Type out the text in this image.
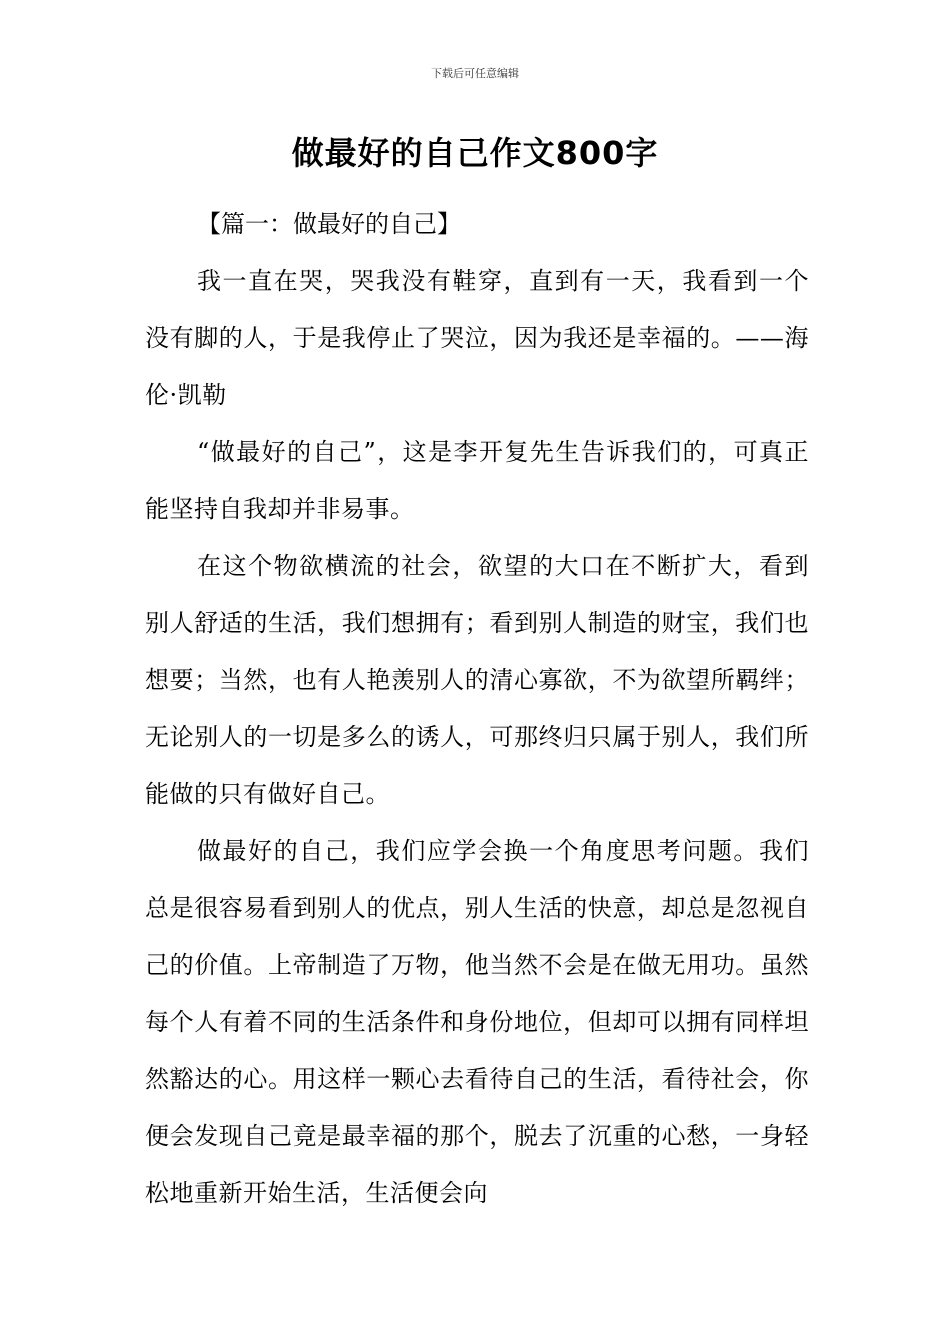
下载后可任意编辑
做最好的自己作文800字

【篇一：做最好的自己】

我一直在哭，哭我没有鞋穿，直到有一天，我看到一个没有脚的人，于是我停止了哭泣，因为我还是幸福的。——海伦·凯勒

“做最好的自己”，这是李开复先生告诉我们的，可真正能坚持自我却并非易事。

在这个物欲横流的社会，欲望的大口在不断扩大，看到别人舒适的生活，我们想拥有；看到别人制造的财宝，我们也想要；当然，也有人艳羡别人的清心寡欲，不为欲望所羁绊；无论别人的一切是多么的诱人，可那终归只属于别人，我们所能做的只有做好自己。

做最好的自己，我们应学会换一个角度思考问题。我们总是很容易看到别人的优点，别人生活的快意，却总是忽视自己的价值。上帝制造了万物，他当然不会是在做无用功。虽然每个人有着不同的生活条件和身份地位，但却可以拥有同样坦然豁达的心。用这样一颗心去看待自己的生活，看待社会，你便会发现自己竟是最幸福的那个，脱去了沉重的心愁，一身轻松地重新开始生活，生活便会向
